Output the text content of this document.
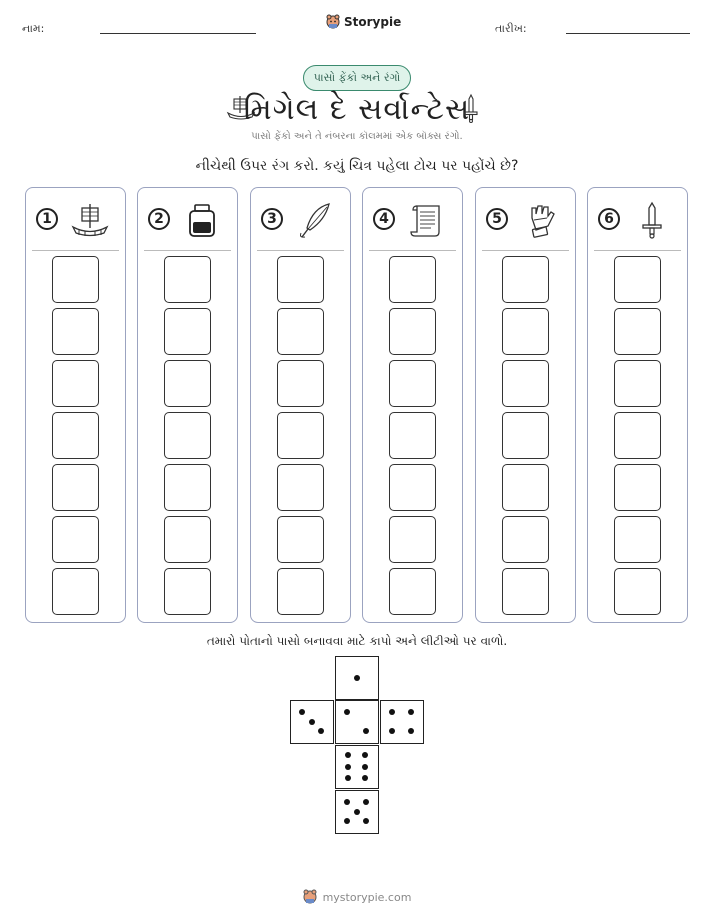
નામ:	Storypie	તારીખ:
પાસો ફેંકો અને રંગો
મિગેલ દે સર્વાન્ટેસ
પાસો ફેંકો અને તે નંબરના કૉલમમાં એક બૉક્સ રંગો.
નીચેથી ઉપર રંગ કરો. કયું ચિત્ર પહેલા ટોચ પર પહોંચે છે?
1	2	3	4	5	6
તમારો પોતાનો પાસો બનાવવા માટે કાપો અને લીટીઓ પર વાળો.
mystorypie.com
